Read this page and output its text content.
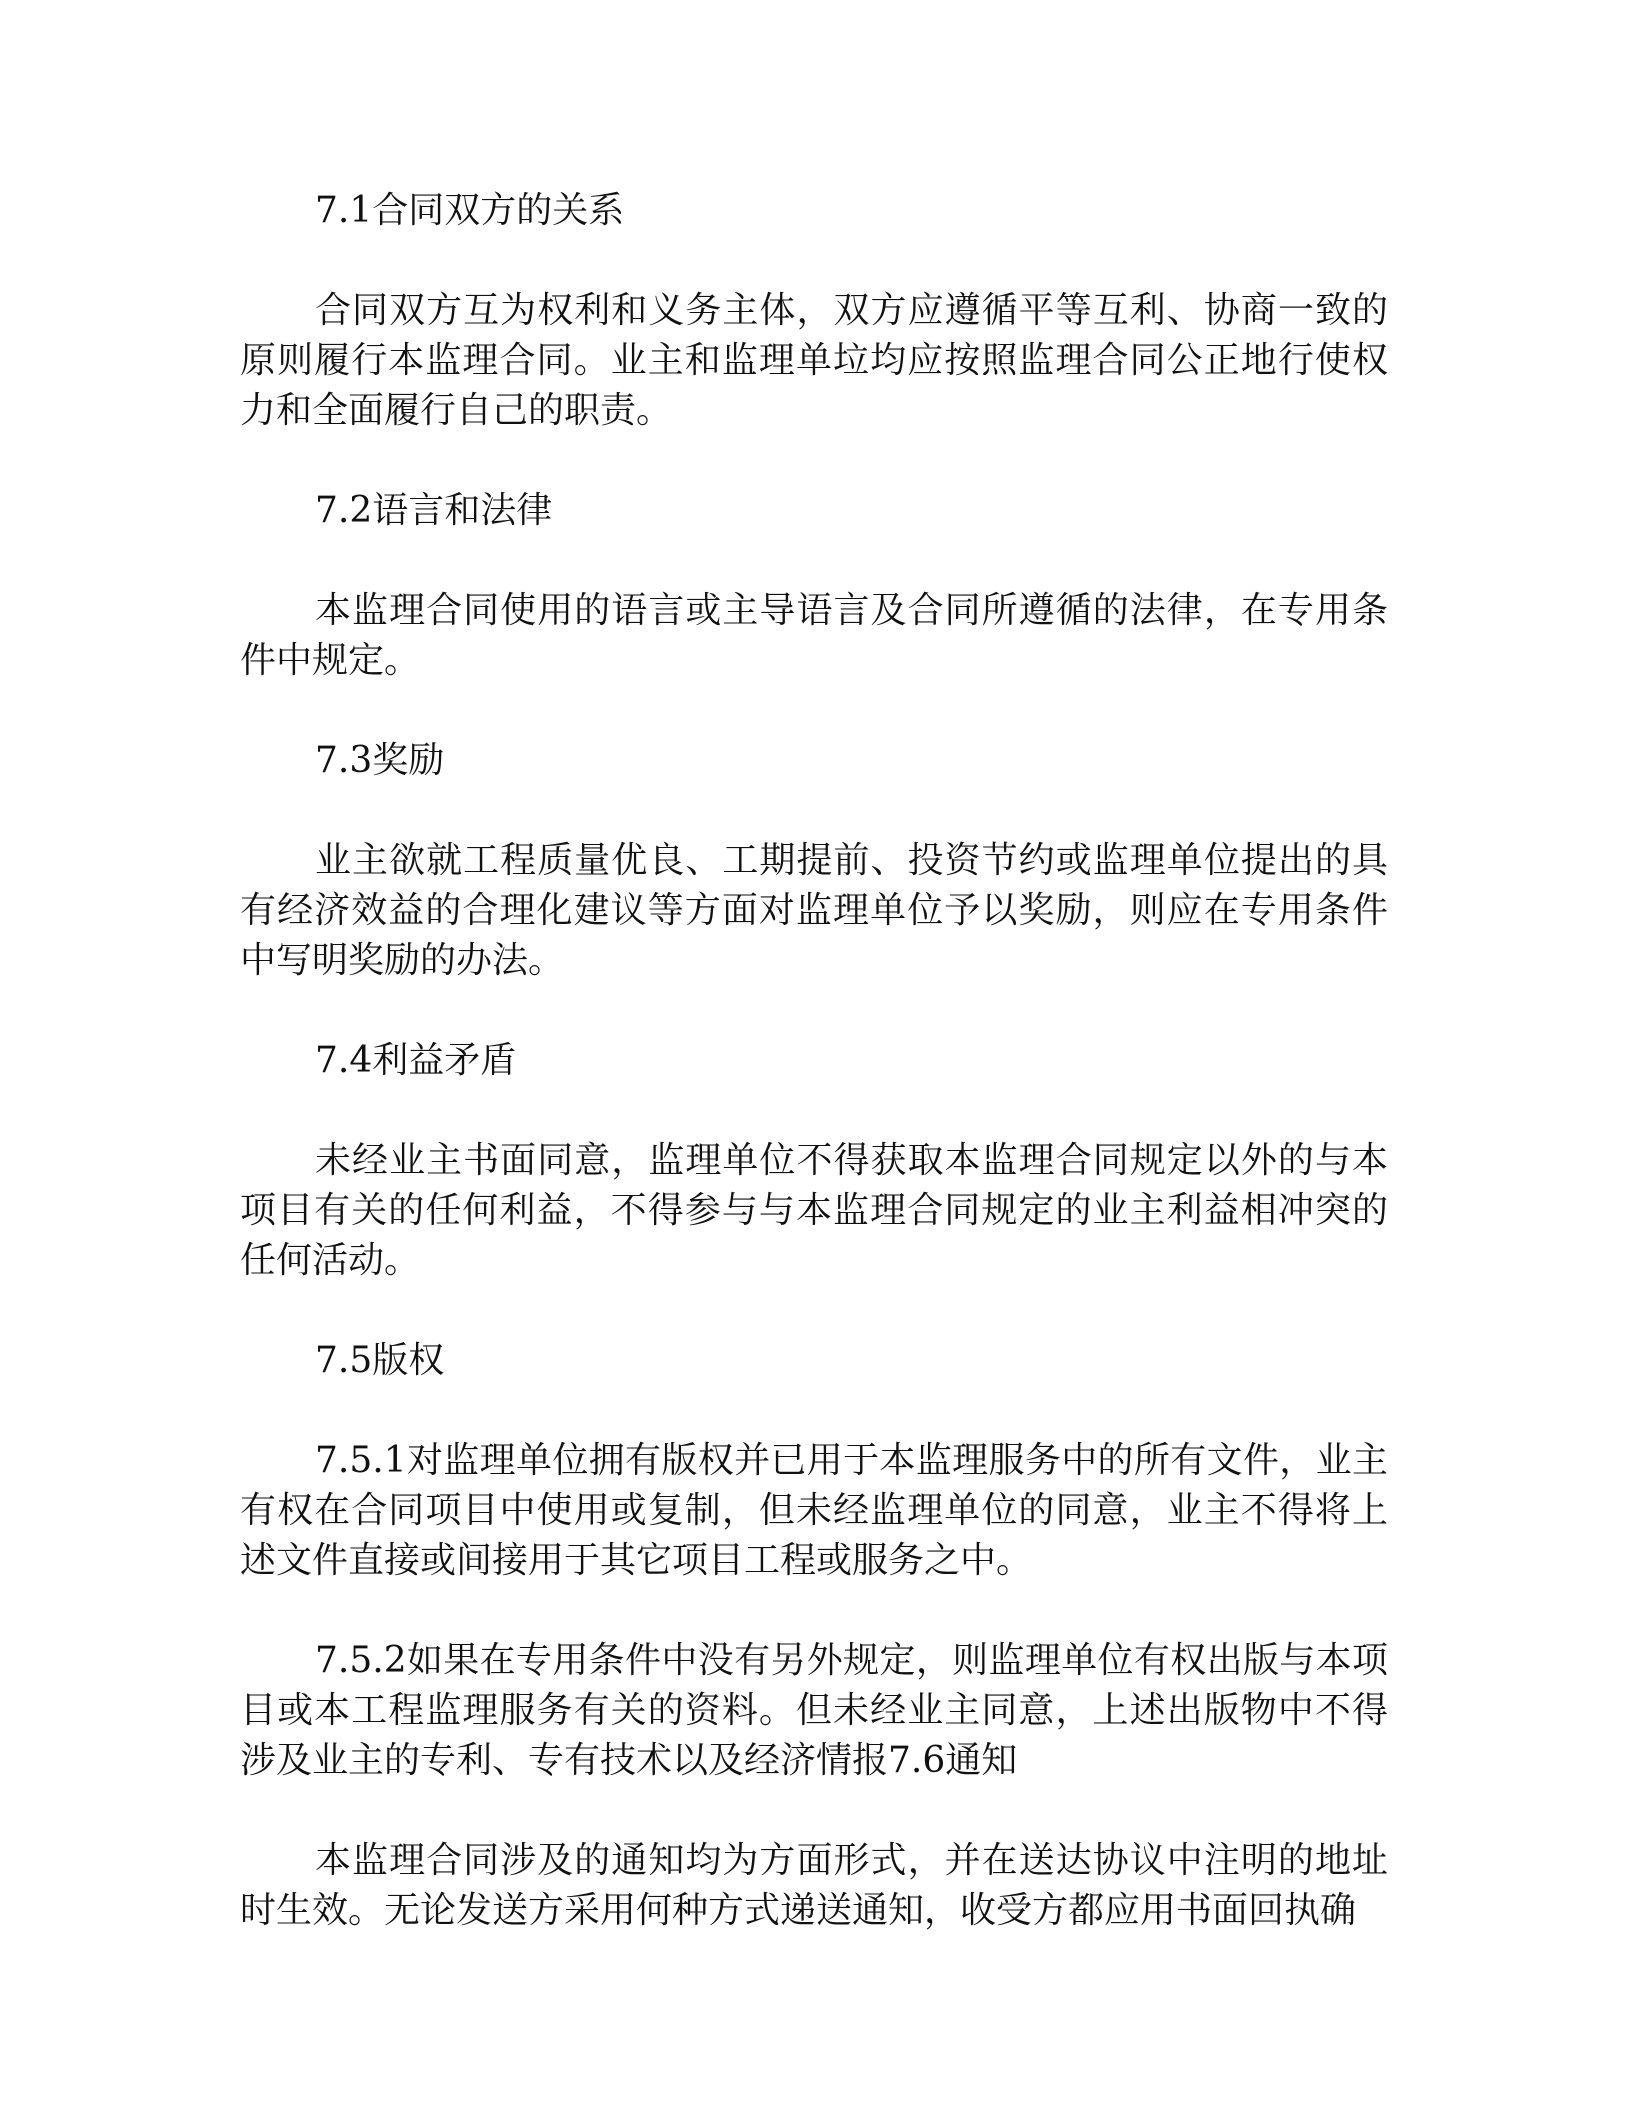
7.1合同双方的关系

合同双方互为权利和义务主体，双方应遵循平等互利、协商一致的原则履行本监理合同。业主和监理单垃均应按照监理合同公正地行使权力和全面履行自己的职责。

7.2语言和法律

本监理合同使用的语言或主导语言及合同所遵循的法律，在专用条件中规定。

7.3奖励

业主欲就工程质量优良、工期提前、投资节约或监理单位提出的具有经济效益的合理化建议等方面对监理单位予以奖励，则应在专用条件中写明奖励的办法。

7.4利益矛盾

未经业主书面同意，监理单位不得获取本监理合同规定以外的与本项目有关的任何利益，不得参与与本监理合同规定的业主利益相冲突的任何活动。

7.5版权

7.5.1对监理单位拥有版权并已用于本监理服务中的所有文件，业主有权在合同项目中使用或复制，但未经监理单位的同意，业主不得将上述文件直接或间接用于其它项目工程或服务之中。

7.5.2如果在专用条件中没有另外规定，则监理单位有权出版与本项目或本工程监理服务有关的资料。但未经业主同意，上述出版物中不得涉及业主的专利、专有技术以及经济情报7.6通知

本监理合同涉及的通知均为方面形式，并在送达协议中注明的地址时生效。无论发送方采用何种方式递送通知，收受方都应用书面回执确
